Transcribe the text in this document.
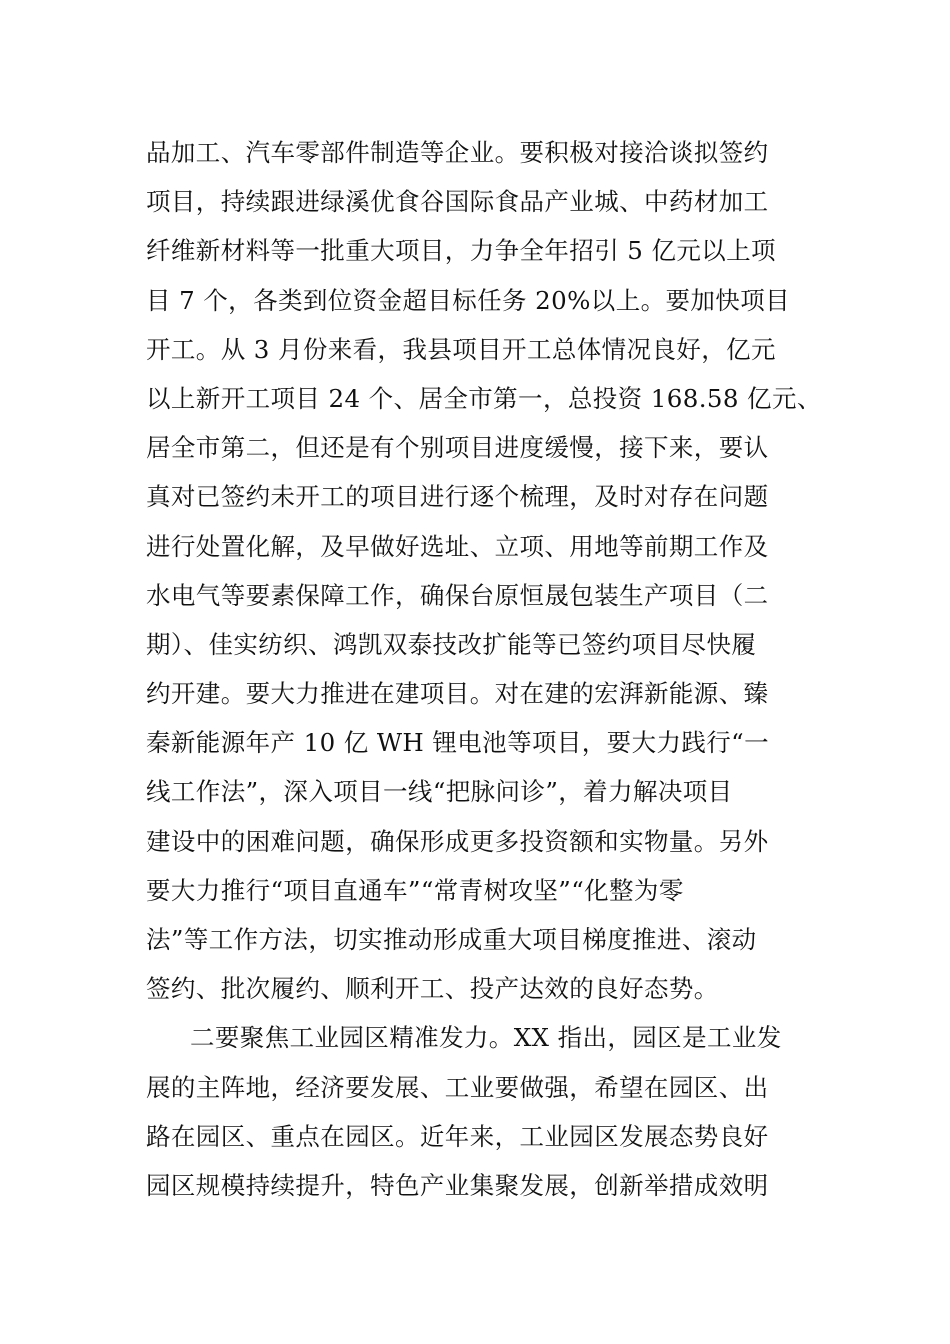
品加工、汽车零部件制造等企业。要积极对接洽谈拟签约
项目，持续跟进绿溪优食谷国际食品产业城、中药材加工
纤维新材料等一批重大项目，力争全年招引 5 亿元以上项
目 7 个，各类到位资金超目标任务 20%以上。要加快项目
开工。从 3 月份来看，我县项目开工总体情况良好，亿元
以上新开工项目 24 个、居全市第一，总投资 168.58 亿元、
居全市第二，但还是有个别项目进度缓慢，接下来，要认
真对已签约未开工的项目进行逐个梳理，及时对存在问题
进行处置化解，及早做好选址、立项、用地等前期工作及
水电气等要素保障工作，确保台原恒晟包装生产项目（二
期）、佳实纺织、鸿凯双泰技改扩能等已签约项目尽快履
约开建。要大力推进在建项目。对在建的宏湃新能源、臻
秦新能源年产 10 亿 WH 锂电池等项目，要大力践行“一
线工作法”，深入项目一线“把脉问诊”，着力解决项目
建设中的困难问题，确保形成更多投资额和实物量。另外
要大力推行“项目直通车”“常青树攻坚”“化整为零
法”等工作方法，切实推动形成重大项目梯度推进、滚动
签约、批次履约、顺利开工、投产达效的良好态势。
二要聚焦工业园区精准发力。XX 指出，园区是工业发
展的主阵地，经济要发展、工业要做强，希望在园区、出
路在园区、重点在园区。近年来，工业园区发展态势良好
园区规模持续提升，特色产业集聚发展，创新举措成效明
